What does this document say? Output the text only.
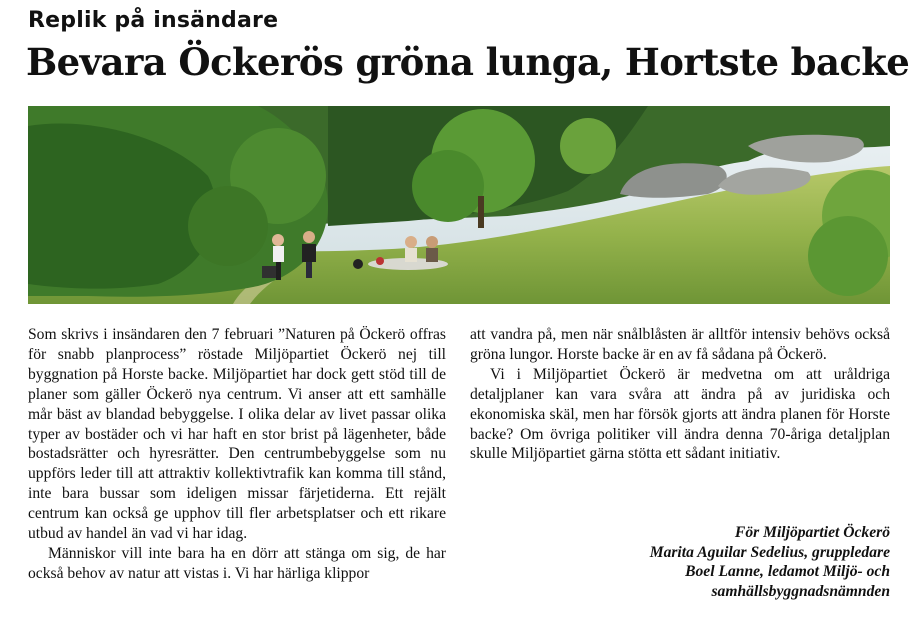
Replik på insändare
Bevara Öckerös gröna lunga, Hortste backe

Som skrivs i insändaren den 7 februari ”Naturen på Öckerö offras för snabb planprocess” röstade Miljöpartiet Öckerö nej till byggnation på Horste backe. Miljöpartiet har dock gett stöd till de planer som gäller Öckerö nya centrum. Vi anser att ett samhälle mår bäst av blandad bebyggelse. I olika delar av livet passar olika typer av bostäder och vi har haft en stor brist på lägenheter, både bostadsrätter och hyresrätter. Den centrumbebyggelse som nu uppförs leder till att attraktiv kollektivtrafik kan komma till stånd, inte bara bussar som ideligen missar färjetiderna. Ett rejält centrum kan också ge upphov till fler arbetsplatser och ett rikare utbud av handel än vad vi har idag.

Människor vill inte bara ha en dörr att stänga om sig, de har också behov av natur att vistas i. Vi har härliga klippor

att vandra på, men när snålblåsten är alltför intensiv behövs också gröna lungor. Horste backe är en av få sådana på Öckerö.

Vi i Miljöpartiet Öckerö är medvetna om att uråldriga detaljplaner kan vara svåra att ändra på av juridiska och ekonomiska skäl, men har försök gjorts att ändra planen för Horste backe? Om övriga politiker vill ändra denna 70-åriga detaljplan skulle Miljöpartiet gärna stötta ett sådant initiativ.

För Miljöpartiet Öckerö
Marita Aguilar Sedelius, gruppledare
Boel Lanne, ledamot Miljö- och
samhällsbyggnadsnämnden
